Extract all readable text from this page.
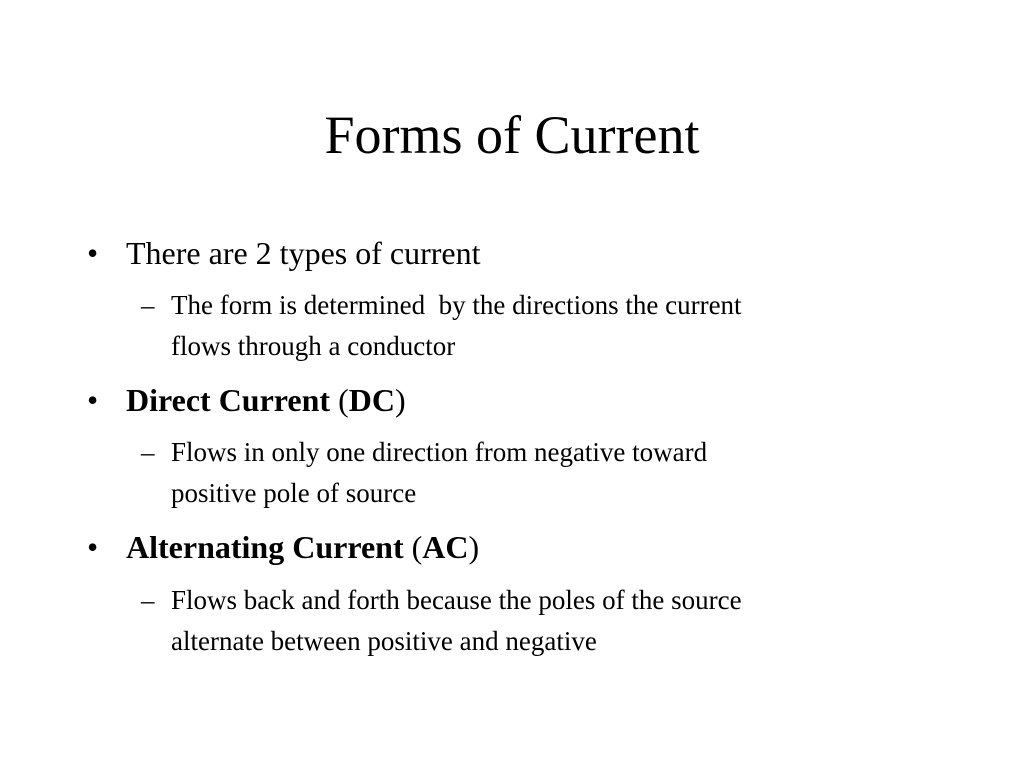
Forms of Current
• There are 2 types of current
– The form is determined  by the directions the current
flows through a conductor
• Direct Current (DC)
– Flows in only one direction from negative toward
positive pole of source
• Alternating Current (AC)
– Flows back and forth because the poles of the source
alternate between positive and negative
